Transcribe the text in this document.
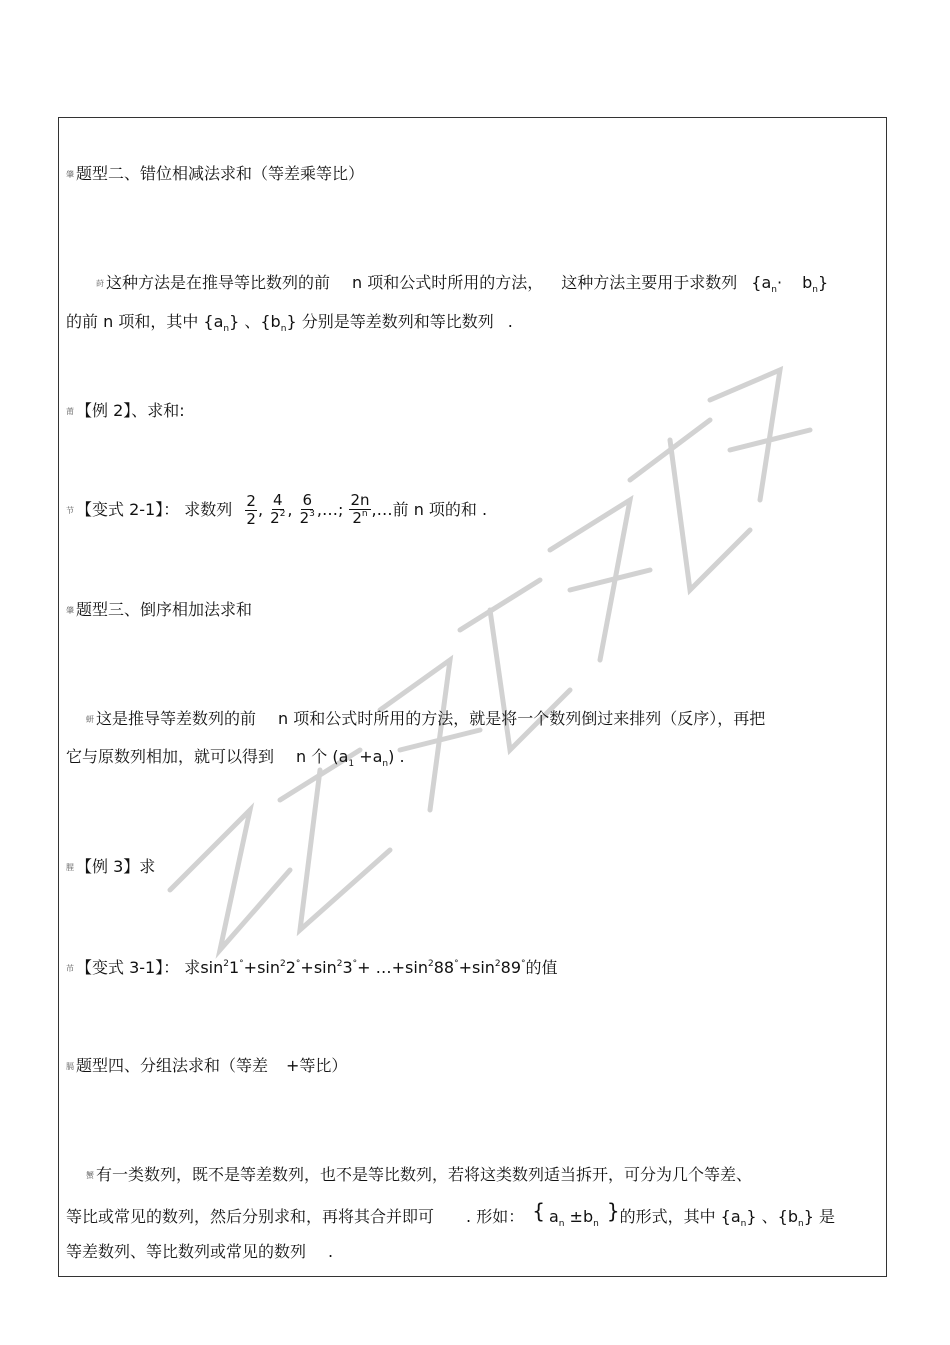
肇 题型二、错位相减法求和（等差乘等比）
莳 这种方法是在推导等比数列的前 n 项和公式时所用的方法， 这种方法主要用于求数列 $\{a_n\cdot b_n\}$
的前 n 项和，其中 $\{a_n\}$ 、$\{b_n\}$ 分别是等差数列和等比数列 .
莆 【例 2】、求和:
节 【变式 2-1】： 求数列 $\frac{2}{2}$ , $\frac{4}{2^2}$ , $\frac{6}{2^3}$ ,…; $\frac{2n}{2^n}$ ,…前 n 项的和 .
肇 题型三、倒序相加法求和
蚈 这是推导等差数列的前 n 项和公式时所用的方法，就是将一个数列倒过来排列（反序），再把
它与原数列相加，就可以得到 n 个 $(a_1 +a_n)$ .
腥 【例 3】求
芇 【变式 3-1】： 求$\sin^21^\circ+\sin^22^\circ+\sin^23^\circ+$ $\dots+\sin^288^\circ+\sin^289^\circ$的值
膈 题型四、分组法求和（等差 +等比）
蟹 有一类数列，既不是等差数列，也不是等比数列，若将这类数列适当拆开，可分为几个等差、
等比或常见的数列，然后分别求和，再将其合并即可 . 形如： { $a_n \pm b_n$}的形式，其中 $\{a_n\}$ 、$\{b_n\}$ 是
等差数列、等比数列或常见的数列 .
